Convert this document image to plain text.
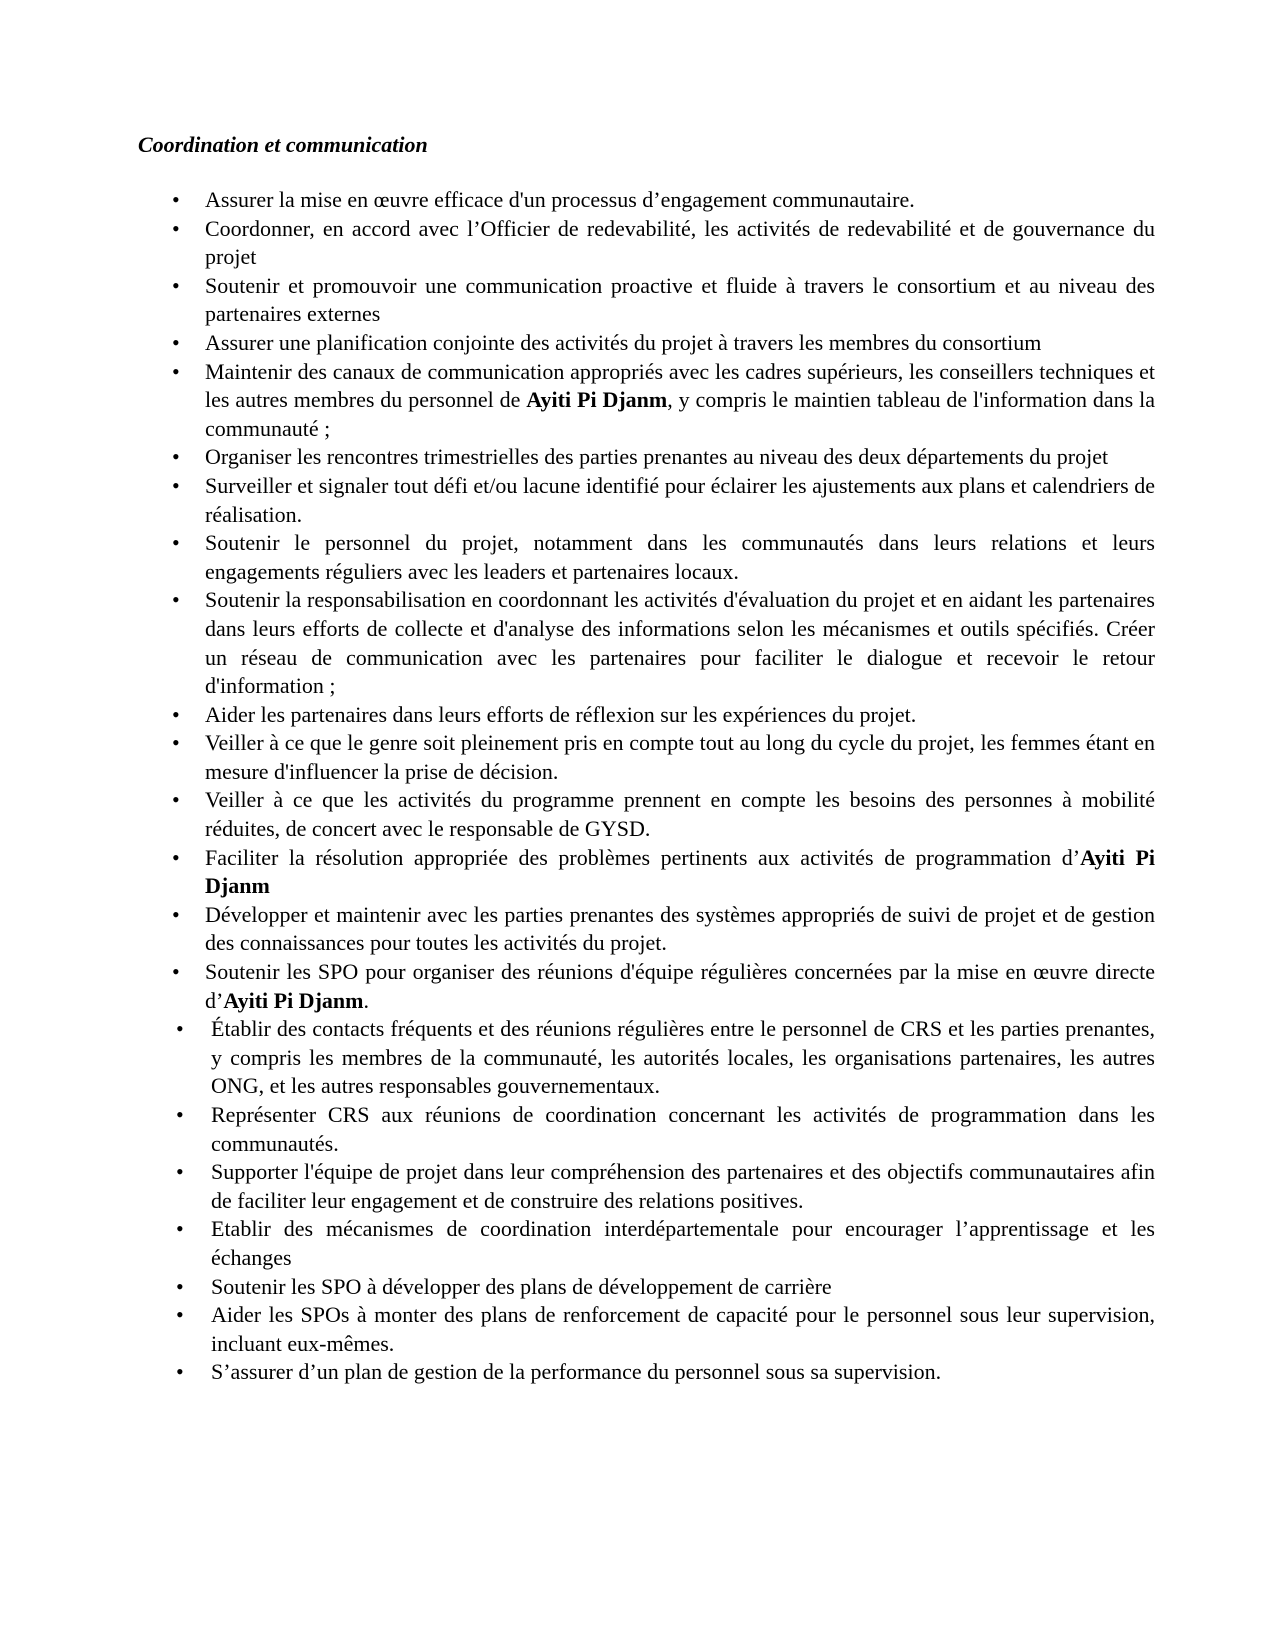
Coordination et communication
• Assurer la mise en œuvre efficace d'un processus d’engagement communautaire.
• Coordonner, en accord avec l’Officier de redevabilité, les activités de redevabilité et de gouvernance du projet
• Soutenir et promouvoir une communication proactive et fluide à travers le consortium et au niveau des partenaires externes
• Assurer une planification conjointe des activités du projet à travers les membres du consortium
• Maintenir des canaux de communication appropriés avec les cadres supérieurs, les conseillers techniques et les autres membres du personnel de Ayiti Pi Djanm, y compris le maintien tableau de l'information dans la communauté ;
• Organiser les rencontres trimestrielles des parties prenantes au niveau des deux départements du projet
• Surveiller et signaler tout défi et/ou lacune identifié pour éclairer les ajustements aux plans et calendriers de réalisation.
• Soutenir le personnel du projet, notamment dans les communautés dans leurs relations et leurs engagements réguliers avec les leaders et partenaires locaux.
• Soutenir la responsabilisation en coordonnant les activités d'évaluation du projet et en aidant les partenaires dans leurs efforts de collecte et d'analyse des informations selon les mécanismes et outils spécifiés. Créer un réseau de communication avec les partenaires pour faciliter le dialogue et recevoir le retour d'information ;
• Aider les partenaires dans leurs efforts de réflexion sur les expériences du projet.
• Veiller à ce que le genre soit pleinement pris en compte tout au long du cycle du projet, les femmes étant en mesure d'influencer la prise de décision.
• Veiller à ce que les activités du programme prennent en compte les besoins des personnes à mobilité réduites, de concert avec le responsable de GYSD.
• Faciliter la résolution appropriée des problèmes pertinents aux activités de programmation d’Ayiti Pi Djanm
• Développer et maintenir avec les parties prenantes des systèmes appropriés de suivi de projet et de gestion des connaissances pour toutes les activités du projet.
• Soutenir les SPO pour organiser des réunions d'équipe régulières concernées par la mise en œuvre directe d’Ayiti Pi Djanm.
• Établir des contacts fréquents et des réunions régulières entre le personnel de CRS et les parties prenantes, y compris les membres de la communauté, les autorités locales, les organisations partenaires, les autres ONG, et les autres responsables gouvernementaux.
• Représenter CRS aux réunions de coordination concernant les activités de programmation dans les communautés.
• Supporter l'équipe de projet dans leur compréhension des partenaires et des objectifs communautaires afin de faciliter leur engagement et de construire des relations positives.
• Etablir des mécanismes de coordination interdépartementale pour encourager l’apprentissage et les échanges
• Soutenir les SPO à développer des plans de développement de carrière
• Aider les SPOs à monter des plans de renforcement de capacité pour le personnel sous leur supervision, incluant eux-mêmes.
• S’assurer d’un plan de gestion de la performance du personnel sous sa supervision.
